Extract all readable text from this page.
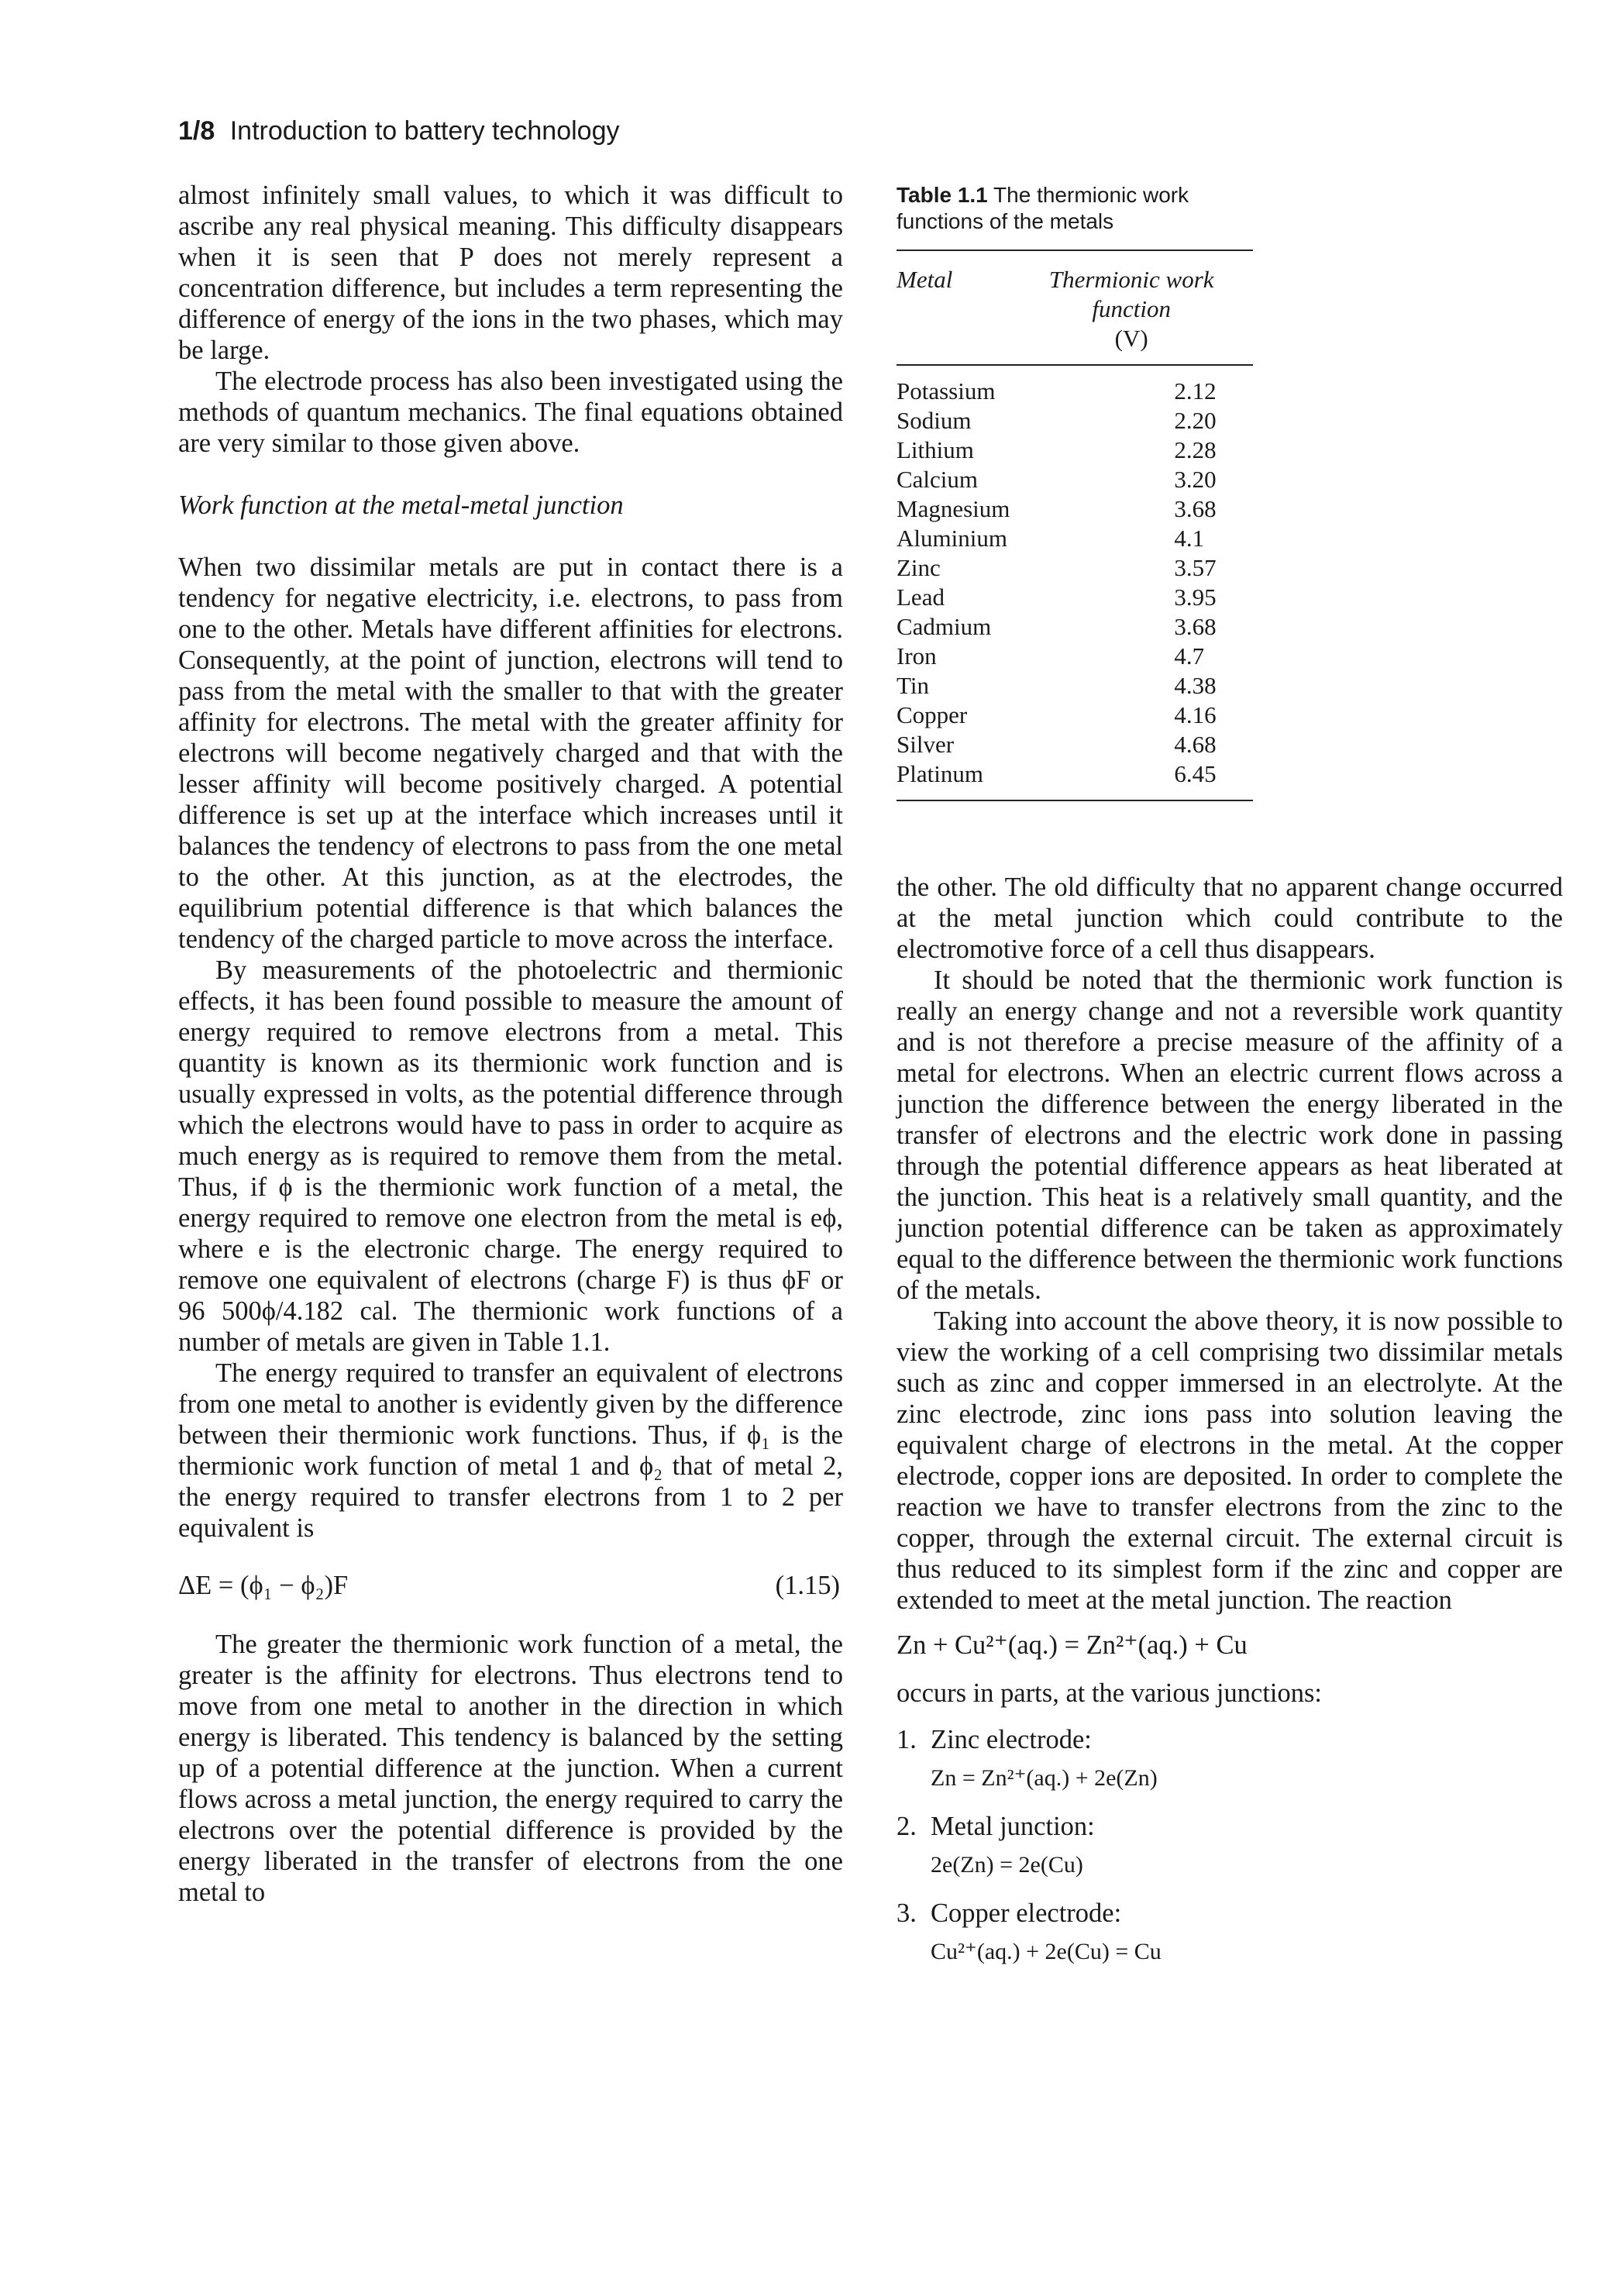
1/8 Introduction to battery technology

almost infinitely small values, to which it was difficult to ascribe any real physical meaning. This difficulty disappears when it is seen that P does not merely represent a concentration difference, but includes a term representing the difference of energy of the ions in the two phases, which may be large.

The electrode process has also been investigated using the methods of quantum mechanics. The final equations obtained are very similar to those given above.

Work function at the metal-metal junction

When two dissimilar metals are put in contact there is a tendency for negative electricity, i.e. electrons, to pass from one to the other. Metals have different affinities for electrons. Consequently, at the point of junction, electrons will tend to pass from the metal with the smaller to that with the greater affinity for electrons. The metal with the greater affinity for electrons will become negatively charged and that with the lesser affinity will become positively charged. A potential difference is set up at the interface which increases until it balances the tendency of electrons to pass from the one metal to the other. At this junction, as at the electrodes, the equilibrium potential difference is that which balances the tendency of the charged particle to move across the interface.

By measurements of the photoelectric and thermionic effects, it has been found possible to measure the amount of energy required to remove electrons from a metal. This quantity is known as its thermionic work function and is usually expressed in volts, as the potential difference through which the electrons would have to pass in order to acquire as much energy as is required to remove them from the metal. Thus, if ϕ is the thermionic work function of a metal, the energy required to remove one electron from the metal is eϕ, where e is the electronic charge. The energy required to remove one equivalent of electrons (charge F) is thus ϕF or 96 500ϕ/4.182 cal. The thermionic work functions of a number of metals are given in Table 1.1.

The energy required to transfer an equivalent of electrons from one metal to another is evidently given by the difference between their thermionic work functions. Thus, if ϕ₁ is the thermionic work function of metal 1 and ϕ₂ that of metal 2, the energy required to transfer electrons from 1 to 2 per equivalent is

ΔE = (ϕ₁ − ϕ₂)F	(1.15)

The greater the thermionic work function of a metal, the greater is the affinity for electrons. Thus electrons tend to move from one metal to another in the direction in which energy is liberated. This tendency is balanced by the setting up of a potential difference at the junction. When a current flows across a metal junction, the energy required to carry the electrons over the potential difference is provided by the energy liberated in the transfer of electrons from the one metal to

Table 1.1 The thermionic work functions of the metals
Metal	Thermionic work function
(V)

Potassium	2.12
Sodium	2.20
Lithium	2.28
Calcium	3.20
Magnesium	3.68
Aluminium	4.1
Zinc	3.57
Lead	3.95
Cadmium	3.68
Iron	4.7
Tin	4.38
Copper	4.16
Silver	4.68
Platinum	6.45

the other. The old difficulty that no apparent change occurred at the metal junction which could contribute to the electromotive force of a cell thus disappears.

It should be noted that the thermionic work function is really an energy change and not a reversible work quantity and is not therefore a precise measure of the affinity of a metal for electrons. When an electric current flows across a junction the difference between the energy liberated in the transfer of electrons and the electric work done in passing through the potential difference appears as heat liberated at the junction. This heat is a relatively small quantity, and the junction potential difference can be taken as approximately equal to the difference between the thermionic work functions of the metals.

Taking into account the above theory, it is now possible to view the working of a cell comprising two dissimilar metals such as zinc and copper immersed in an electrolyte. At the zinc electrode, zinc ions pass into solution leaving the equivalent charge of electrons in the metal. At the copper electrode, copper ions are deposited. In order to complete the reaction we have to transfer electrons from the zinc to the copper, through the external circuit. The external circuit is thus reduced to its simplest form if the zinc and copper are extended to meet at the metal junction. The reaction

Zn + Cu²⁺(aq.) = Zn²⁺(aq.) + Cu

occurs in parts, at the various junctions:

1. Zinc electrode:
Zn = Zn²⁺(aq.) + 2e(Zn)
2. Metal junction:
2e(Zn) = 2e(Cu)
3. Copper electrode:
Cu²⁺(aq.) + 2e(Cu) = Cu
